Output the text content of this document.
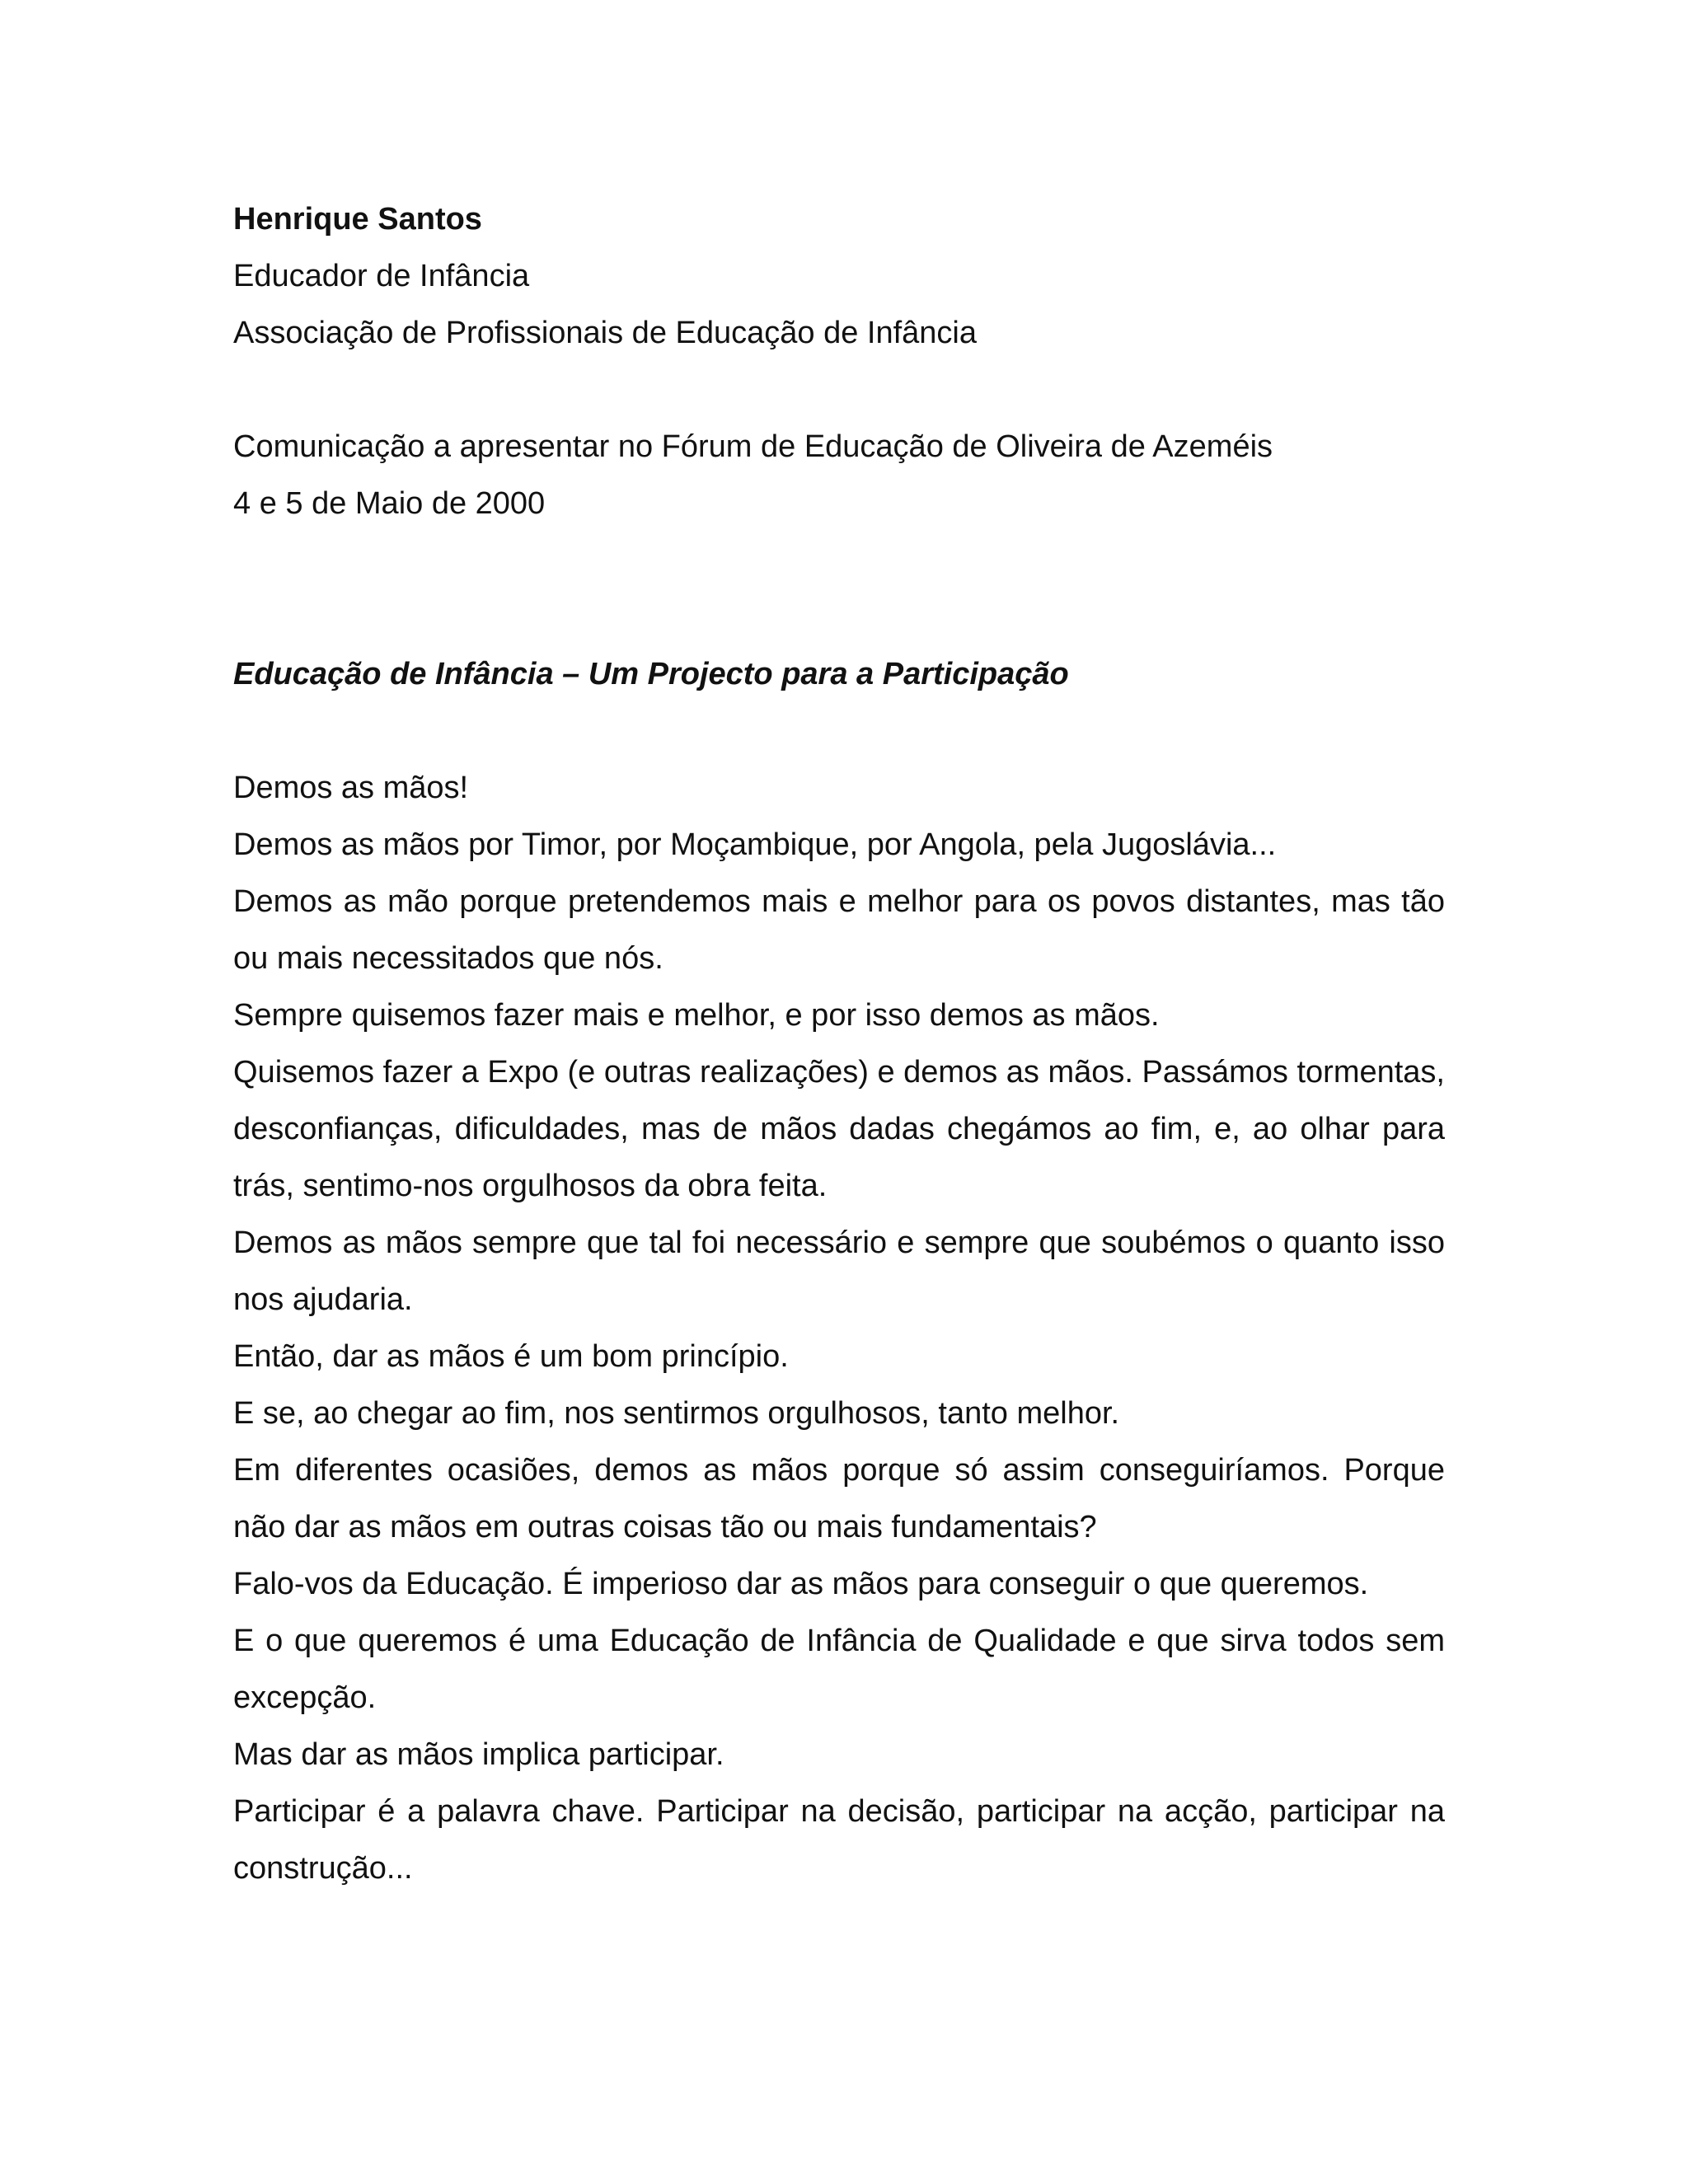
Henrique Santos

Educador de Infância

Associação de Profissionais de Educação de Infância

Comunicação a apresentar no Fórum de Educação de Oliveira de Azeméis

4 e 5 de Maio de 2000

Educação de Infância – Um Projecto para a Participação

Demos as mãos!

Demos as mãos por Timor, por Moçambique, por Angola, pela Jugoslávia...

Demos as mão porque pretendemos mais e melhor para os povos distantes, mas tão ou mais necessitados que nós.

Sempre quisemos fazer mais e melhor, e por isso demos as mãos.

Quisemos fazer a Expo (e outras realizações) e demos as mãos. Passámos tormentas, desconfianças, dificuldades, mas de mãos dadas chegámos ao fim, e, ao olhar para trás, sentimo-nos orgulhosos da obra feita.

Demos as mãos sempre que tal foi necessário e sempre que soubémos o quanto isso nos ajudaria.

Então, dar as mãos é um bom princípio.

E se, ao chegar ao fim, nos sentirmos orgulhosos, tanto melhor.

Em diferentes ocasiões, demos as mãos porque só assim conseguiríamos. Porque não dar as mãos em outras coisas tão ou mais fundamentais?

Falo-vos da Educação. É imperioso dar as mãos para conseguir o que queremos.

E o que queremos é uma Educação de Infância de Qualidade e que sirva todos sem excepção.

Mas dar as mãos implica participar.

Participar é a palavra chave. Participar na decisão, participar na acção, participar na construção...
